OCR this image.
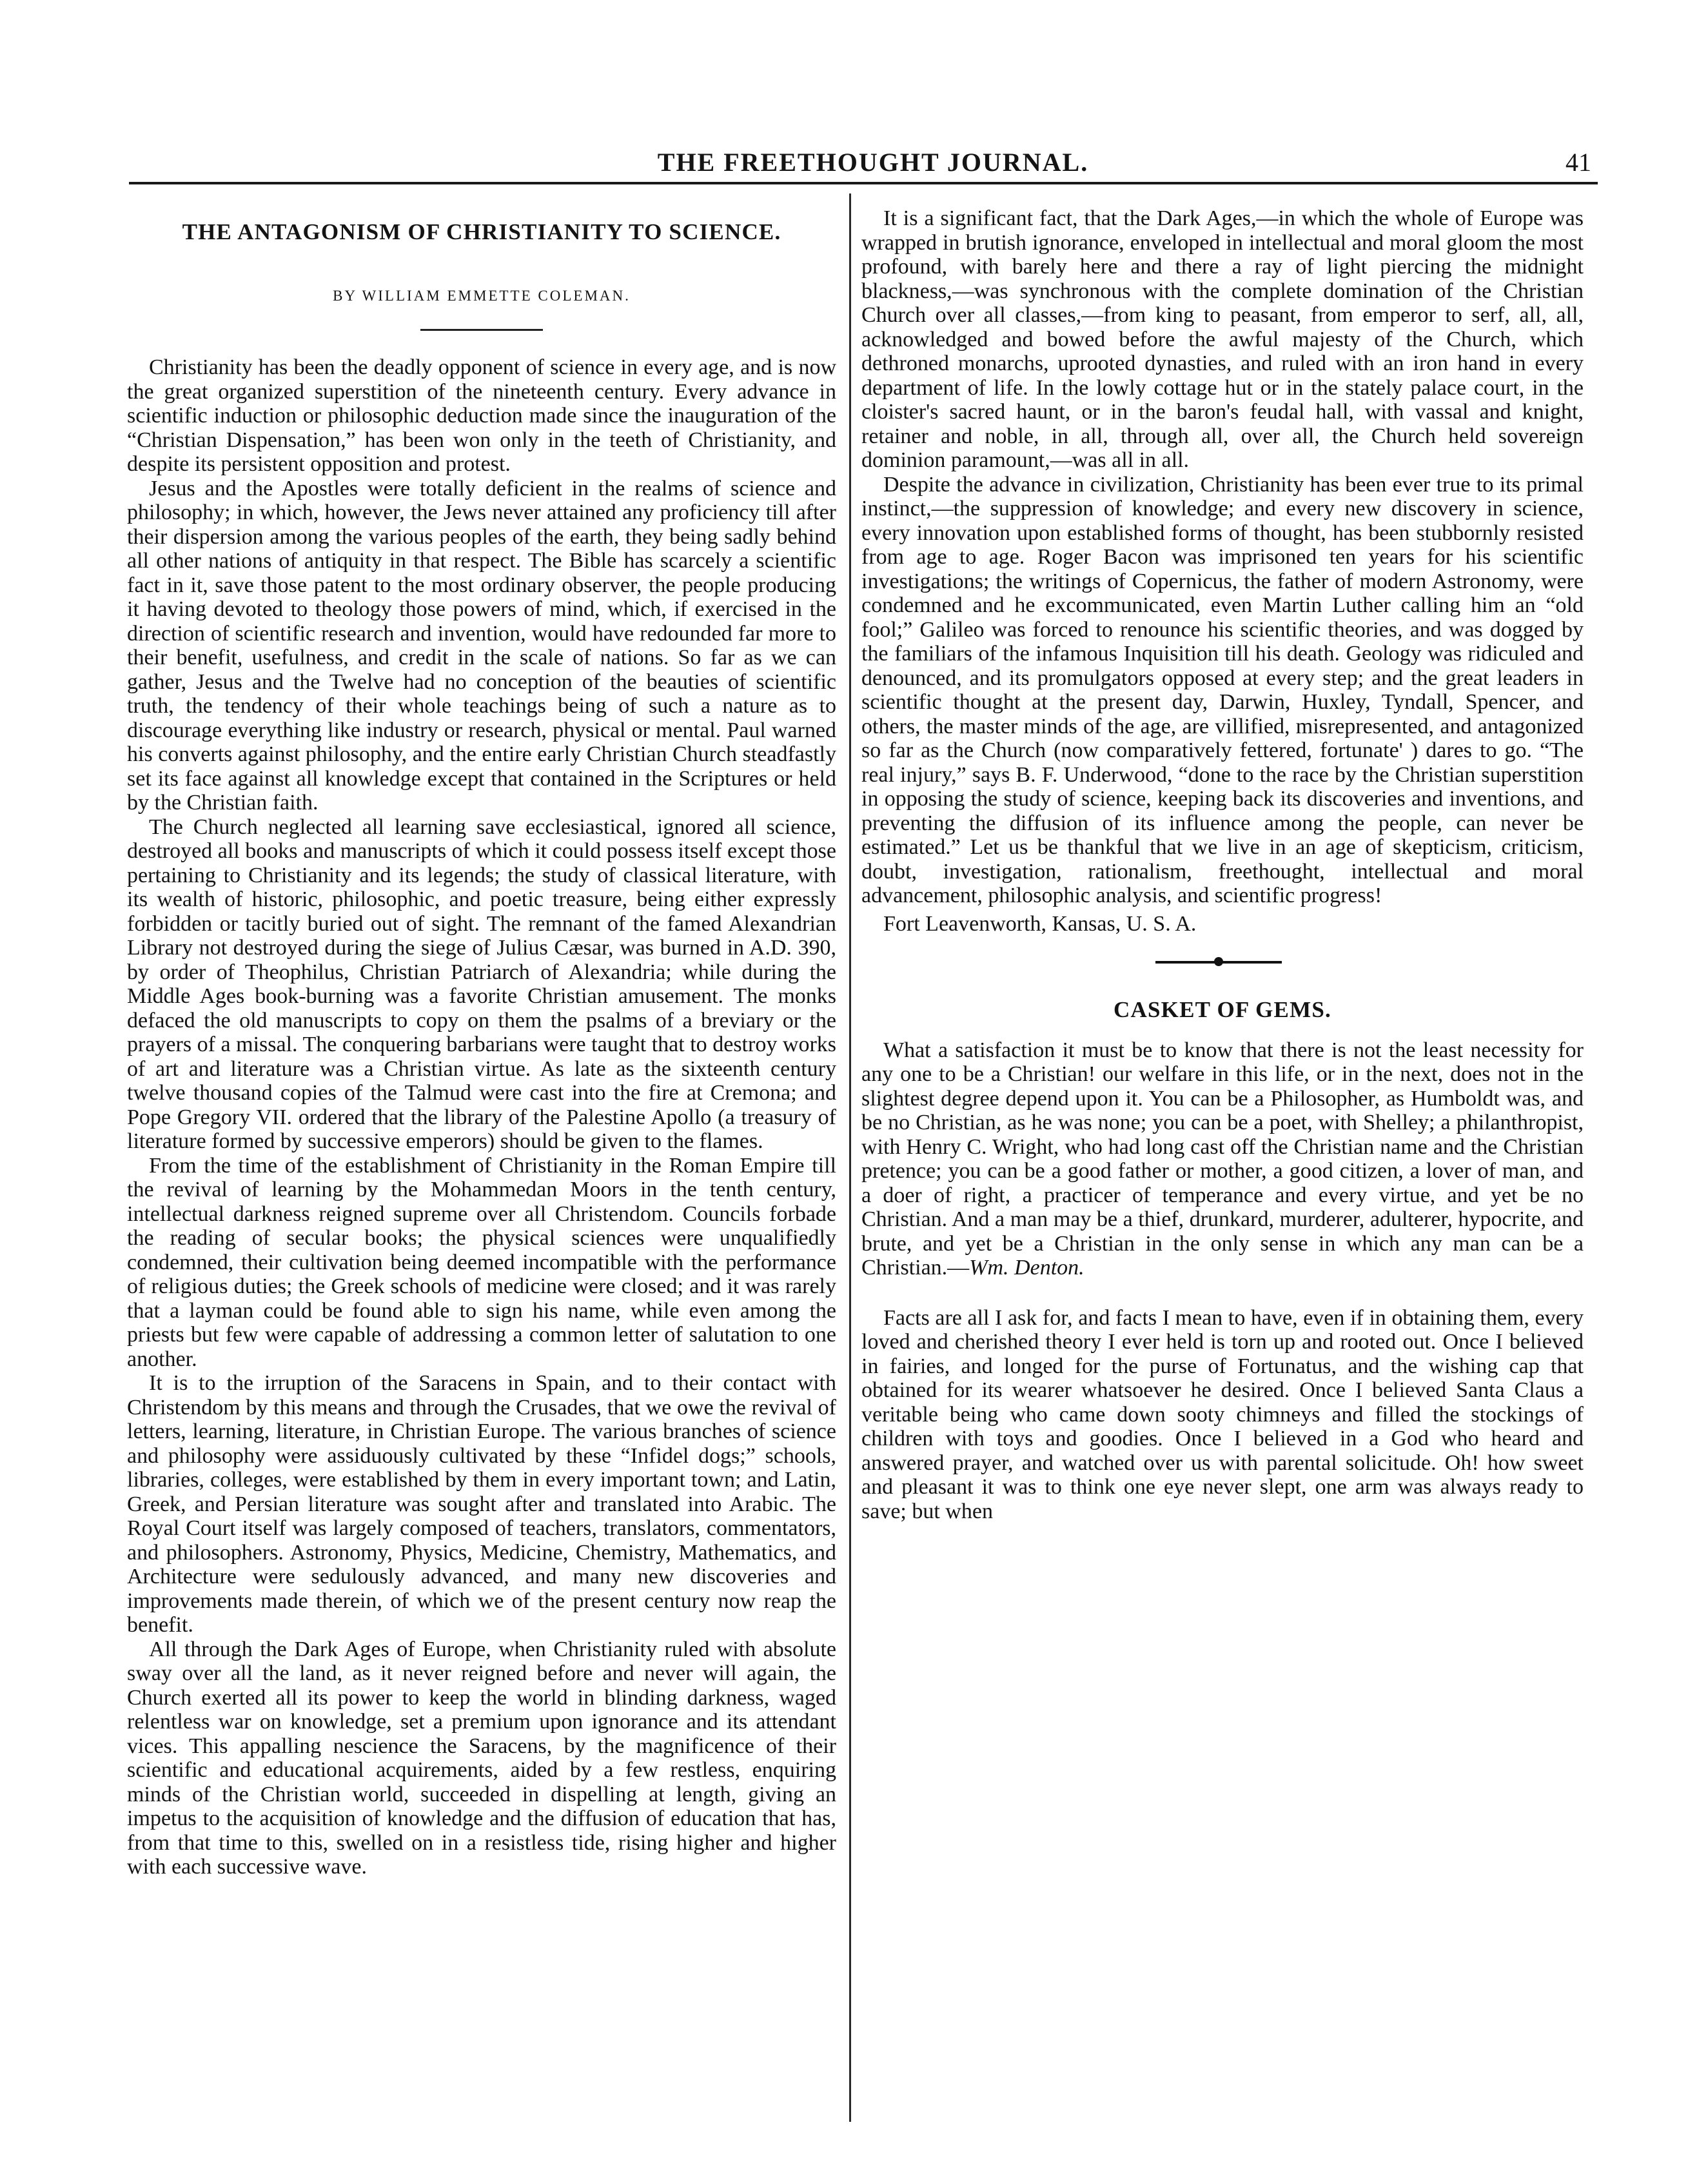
THE FREETHOUGHT JOURNAL.	41
THE ANTAGONISM OF CHRISTIANITY TO SCIENCE.
BY WILLIAM EMMETTE COLEMAN.

Christianity has been the deadly opponent of science in every age, and is now the great organized superstition of the nineteenth century. Every advance in scientific induction or philosophic deduction made since the inauguration of the “Christian Dispensation,” has been won only in the teeth of Christianity, and despite its persistent opposition and protest.

Jesus and the Apostles were totally deficient in the realms of science and philosophy; in which, however, the Jews never attained any proficiency till after their dispersion among the various peoples of the earth, they being sadly behind all other nations of antiquity in that respect. The Bible has scarcely a scientific fact in it, save those patent to the most ordinary observer, the people producing it having devoted to theology those powers of mind, which, if exercised in the direction of scientific research and invention, would have redounded far more to their benefit, usefulness, and credit in the scale of nations. So far as we can gather, Jesus and the Twelve had no conception of the beauties of scientific truth, the tendency of their whole teachings being of such a nature as to discourage everything like industry or research, physical or mental. Paul warned his converts against philosophy, and the entire early Christian Church steadfastly set its face against all knowledge except that contained in the Scriptures or held by the Christian faith.

The Church neglected all learning save ecclesiastical, ignored all science, destroyed all books and manuscripts of which it could possess itself except those pertaining to Christianity and its legends; the study of classical literature, with its wealth of historic, philosophic, and poetic treasure, being either expressly forbidden or tacitly buried out of sight. The remnant of the famed Alexandrian Library not destroyed during the siege of Julius Cæsar, was burned in A.D. 390, by order of Theophilus, Christian Patriarch of Alexandria; while during the Middle Ages book-burning was a favorite Christian amusement. The monks defaced the old manuscripts to copy on them the psalms of a breviary or the prayers of a missal. The conquering barbarians were taught that to destroy works of art and literature was a Christian virtue. As late as the sixteenth century twelve thousand copies of the Talmud were cast into the fire at Cremona; and Pope Gregory VII. ordered that the library of the Palestine Apollo (a treasury of literature formed by successive emperors) should be given to the flames.

From the time of the establishment of Christianity in the Roman Empire till the revival of learning by the Mohammedan Moors in the tenth century, intellectual darkness reigned supreme over all Christendom. Councils forbade the reading of secular books; the physical sciences were unqualifiedly condemned, their cultivation being deemed incompatible with the performance of religious duties; the Greek schools of medicine were closed; and it was rarely that a layman could be found able to sign his name, while even among the priests but few were capable of addressing a common letter of salutation to one another.

It is to the irruption of the Saracens in Spain, and to their contact with Christendom by this means and through the Crusades, that we owe the revival of letters, learning, literature, in Christian Europe. The various branches of science and philosophy were assiduously cultivated by these “Infidel dogs;” schools, libraries, colleges, were established by them in every important town; and Latin, Greek, and Persian literature was sought after and translated into Arabic. The Royal Court itself was largely composed of teachers, translators, commentators, and philosophers. Astronomy, Physics, Medicine, Chemistry, Mathematics, and Architecture were sedulously advanced, and many new discoveries and improvements made therein, of which we of the present century now reap the benefit.

All through the Dark Ages of Europe, when Christianity ruled with absolute sway over all the land, as it never reigned before and never will again, the Church exerted all its power to keep the world in blinding darkness, waged relentless war on knowledge, set a premium upon ignorance and its attendant vices. This appalling nescience the Saracens, by the magnificence of their scientific and educational acquirements, aided by a few restless, enquiring minds of the Christian world, succeeded in dispelling at length, giving an impetus to the acquisition of knowledge and the diffusion of education that has, from that time to this, swelled on in a resistless tide, rising higher and higher with each successive wave.

It is a significant fact, that the Dark Ages,—in which the whole of Europe was wrapped in brutish ignorance, enveloped in intellectual and moral gloom the most profound, with barely here and there a ray of light piercing the midnight blackness,—was synchronous with the complete domination of the Christian Church over all classes,—from king to peasant, from emperor to serf, all, all, acknowledged and bowed before the awful majesty of the Church, which dethroned monarchs, uprooted dynasties, and ruled with an iron hand in every department of life. In the lowly cottage hut or in the stately palace court, in the cloister's sacred haunt, or in the baron's feudal hall, with vassal and knight, retainer and noble, in all, through all, over all, the Church held sovereign dominion paramount,—was all in all.

Despite the advance in civilization, Christianity has been ever true to its primal instinct,—the suppression of knowledge; and every new discovery in science, every innovation upon established forms of thought, has been stubbornly resisted from age to age. Roger Bacon was imprisoned ten years for his scientific investigations; the writings of Copernicus, the father of modern Astronomy, were condemned and he excommunicated, even Martin Luther calling him an “old fool;” Galileo was forced to renounce his scientific theories, and was dogged by the familiars of the infamous Inquisition till his death. Geology was ridiculed and denounced, and its promulgators opposed at every step; and the great leaders in scientific thought at the present day, Darwin, Huxley, Tyndall, Spencer, and others, the master minds of the age, are villified, misrepresented, and antagonized so far as the Church (now comparatively fettered, fortunate' ) dares to go. “The real injury,” says B. F. Underwood, “done to the race by the Christian superstition in opposing the study of science, keeping back its discoveries and inventions, and preventing the diffusion of its influence among the people, can never be estimated.” Let us be thankful that we live in an age of skepticism, criticism, doubt, investigation, rationalism, freethought, intellectual and moral advancement, philosophic analysis, and scientific progress!

Fort Leavenworth, Kansas, U. S. A.
CASKET OF GEMS.

What a satisfaction it must be to know that there is not the least necessity for any one to be a Christian! our welfare in this life, or in the next, does not in the slightest degree depend upon it. You can be a Philosopher, as Humboldt was, and be no Christian, as he was none; you can be a poet, with Shelley; a philanthropist, with Henry C. Wright, who had long cast off the Christian name and the Christian pretence; you can be a good father or mother, a good citizen, a lover of man, and a doer of right, a practicer of temperance and every virtue, and yet be no Christian. And a man may be a thief, drunkard, murderer, adulterer, hypocrite, and brute, and yet be a Christian in the only sense in which any man can be a Christian.—Wm. Denton.

Facts are all I ask for, and facts I mean to have, even if in obtaining them, every loved and cherished theory I ever held is torn up and rooted out. Once I believed in fairies, and longed for the purse of Fortunatus, and the wishing cap that obtained for its wearer whatsoever he desired. Once I believed Santa Claus a veritable being who came down sooty chimneys and filled the stockings of children with toys and goodies. Once I believed in a God who heard and answered prayer, and watched over us with parental solicitude. Oh! how sweet and pleasant it was to think one eye never slept, one arm was always ready to save; but when
